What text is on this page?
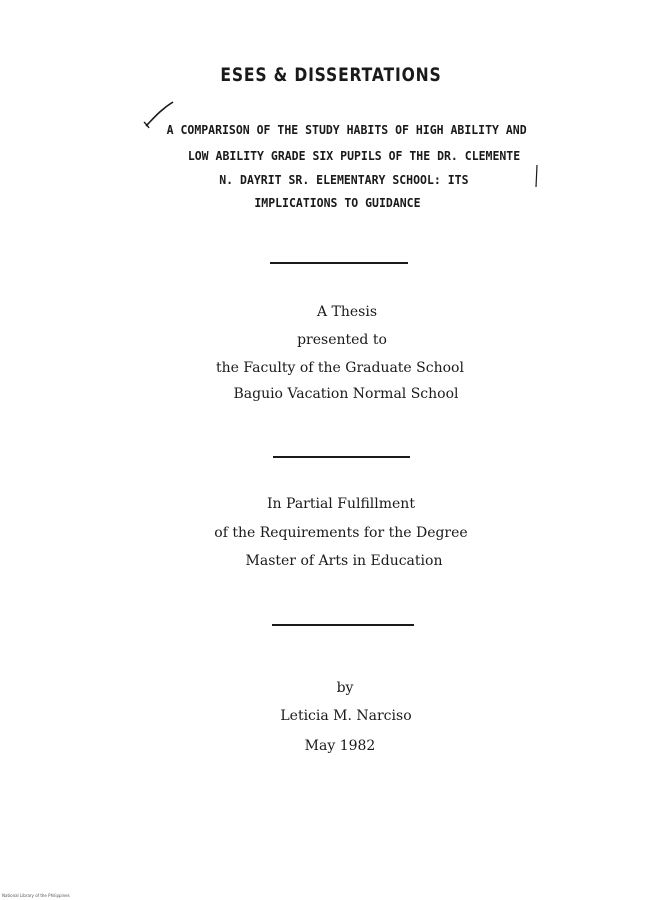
ESES & DISSERTATIONS
A COMPARISON OF THE STUDY HABITS OF HIGH ABILITY AND
LOW ABILITY GRADE SIX PUPILS OF THE DR. CLEMENTE
N. DAYRIT SR. ELEMENTARY SCHOOL: ITS
IMPLICATIONS TO GUIDANCE
A Thesis
presented to
the Faculty of the Graduate School
Baguio Vacation Normal School
In Partial Fulfillment
of the Requirements for the Degree
Master of Arts in Education
by
Leticia M. Narciso
May 1982
National Library of the Philippines
